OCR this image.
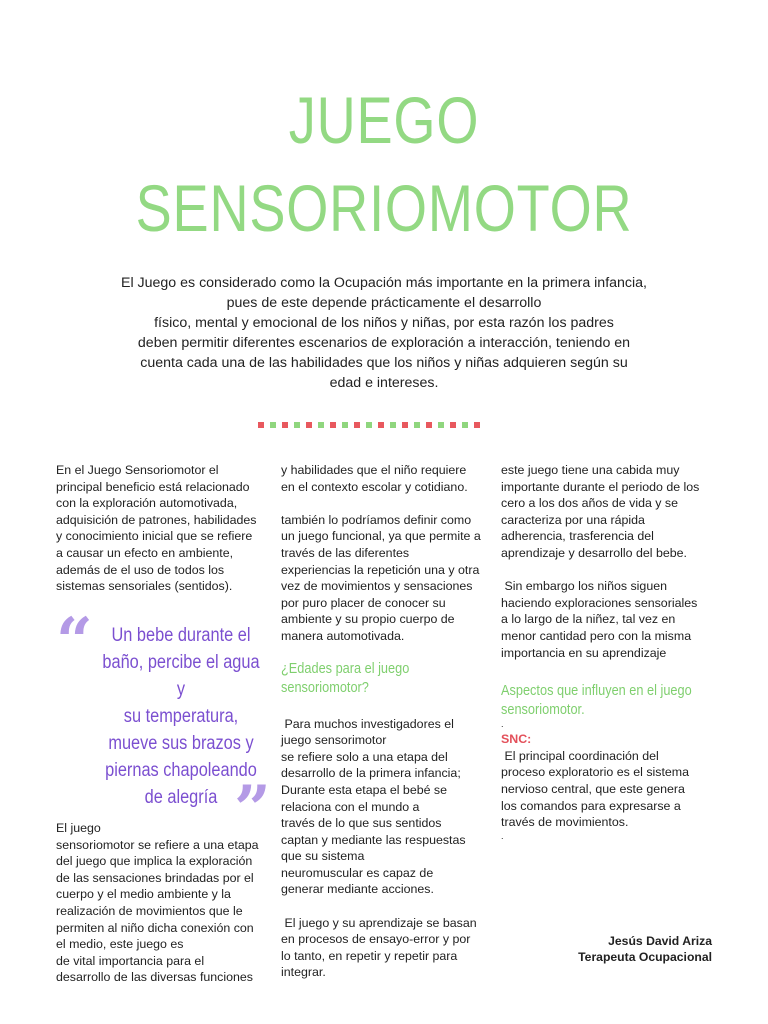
JUEGO
SENSORIOMOTOR

El Juego es considerado como la Ocupación más importante en la primera infancia,
pues de este depende prácticamente el desarrollo
físico, mental y emocional de los niños y niñas, por esta razón los padres
deben permitir diferentes escenarios de exploración a interacción, teniendo en
cuenta cada una de las habilidades que los niños y niñas adquieren según su
edad e intereses.

En el Juego Sensoriomotor el
principal beneficio está relacionado
con la exploración automotivada,
adquisición de patrones, habilidades
y conocimiento inicial que se refiere
a causar un efecto en ambiente,
además de el uso de todos los
sistemas sensoriales (sentidos).

“ Un bebe durante el
baño, percibe el agua
y
su temperatura,
mueve sus brazos y
piernas chapoleando
de alegría ”

El juego
sensoriomotor se refiere a una etapa
del juego que implica la exploración
de las sensaciones brindadas por el
cuerpo y el medio ambiente y la
realización de movimientos que le
permiten al niño dicha conexión con
el medio, este juego es
de vital importancia para el
desarrollo de las diversas funciones

y habilidades que el niño requiere
en el contexto escolar y cotidiano.

también lo podríamos definir como
un juego funcional, ya que permite a
través de las diferentes
experiencias la repetición una y otra
vez de movimientos y sensaciones
por puro placer de conocer su
ambiente y su propio cuerpo de
manera automotivada.

¿Edades para el juego
sensoriomotor?

Para muchos investigadores el
juego sensorimotor
se refiere solo a una etapa del
desarrollo de la primera infancia;
Durante esta etapa el bebé se
relaciona con el mundo a
través de lo que sus sentidos
captan y mediante las respuestas
que su sistema
neuromuscular es capaz de
generar mediante acciones.

El juego y su aprendizaje se basan
en procesos de ensayo-error y por
lo tanto, en repetir y repetir para
integrar.

este juego tiene una cabida muy
importante durante el periodo de los
cero a los dos años de vida y se
caracteriza por una rápida
adherencia, trasferencia del
aprendizaje y desarrollo del bebe.

Sin embargo los niños siguen
haciendo exploraciones sensoriales
a lo largo de la niñez, tal vez en
menor cantidad pero con la misma
importancia en su aprendizaje

Aspectos que influyen en el juego
sensoriomotor.
.
SNC:

El principal coordinación del
proceso exploratorio es el sistema
nervioso central, que este genera
los comandos para expresarse a
través de movimientos.

.
Jesús David Ariza
Terapeuta Ocupacional
